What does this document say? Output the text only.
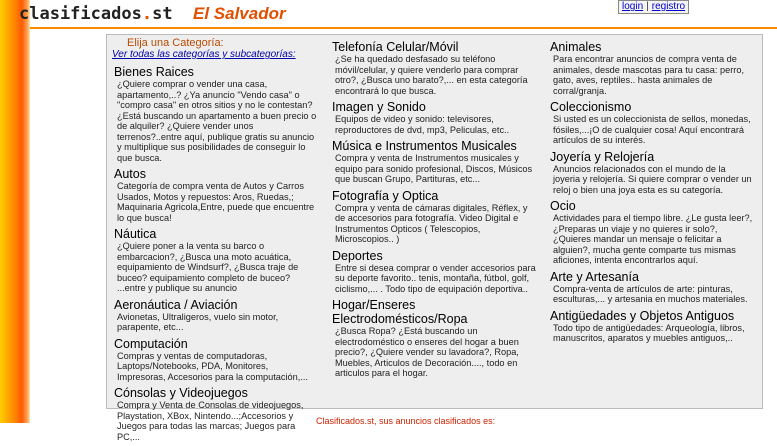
clasificados.st El Salvador	login | registro
Elija una Categoría:
Ver todas las categorías y subcategorías:
Bienes Raices
¿Quiere comprar o vender una casa, apartamento,..? ¿Ya anuncio "Vendo casa" o "compro casa" en otros sitios y no le contestan? ¿Está buscando un apartamento a buen precio o de alquiler? ¿Quiere vender unos terrenos?..entre aquí, publique gratis su anuncio y multiplique sus posibilidades de conseguir lo que busca.
Autos
Categoría de compra venta de Autos y Carros Usados, Motos y repuestos: Aros, Ruedas,; Maquinaria Agricola,Entre, puede que encuentre lo que busca!
Náutica
¿Quiere poner a la venta su barco o embarcacion?, ¿Busca una moto acuática, equipamiento de Windsurf?, ¿Busca traje de buceo? equipamiento completo de buceo? ...entre y publique su anuncio
Aeronáutica / Aviación
Avionetas, Ultraligeros, vuelo sin motor, parapente, etc...
Computación
Compras y ventas de computadoras, Laptops/Notebooks, PDA, Monitores, Impresoras, Accesorios para la computación,...
Cónsolas y Videojuegos
Compra y Venta de Consolas de videojuegos, Playstation, XBox, Nintendo...;Accesorios y Juegos para todas las marcas; Juegos para PC,...
Telefonía Celular/Móvil
¿Se ha quedado desfasado su teléfono móvil/celular, y quiere venderlo para comprar otro?, ¿Busca uno barato?,... en esta categoría encontrará lo que busca.
Imagen y Sonido
Equipos de video y sonido: televisores, reproductores de dvd, mp3, Peliculas, etc..
Música e Instrumentos Musicales
Compra y venta de Instrumentos musicales y equipo para sonido profesional, Discos, Músicos que buscan Grupo, Partituras, etc...
Fotografía y Optica
Compra y venta de cámaras digitales, Réflex, y de accesorios para fotografía. Video Digital e Instrumentos Opticos ( Telescopios, Microscopios.. )
Deportes
Entre si desea comprar o vender accesorios para su deporte favorito.. tenis, montaña, fútbol, golf, ciclismo,... . Todo tipo de equipación deportiva..
Hogar/Enseres Electrodomésticos/Ropa
¿Busca Ropa? ¿Está buscando un electrodoméstico o enseres del hogar a buen precio?, ¿Quiere vender su lavadora?, Ropa, Muebles, Articulos de Decoración...., todo en articulos para el hogar.
Animales
Para encontrar anuncios de compra venta de animales, desde mascotas para tu casa: perro, gato, aves, reptiles.. hasta animales de corral/granja.
Coleccionismo
Si usted es un coleccionista de sellos, monedas, fósiles,...¡O de cualquier cosa! Aquí encontrará artículos de su interés.
Joyería y Relojería
Anuncios relacionados con el mundo de la joyeria y relojería. Si quiere comprar o vender un reloj o bien una joya esta es su categoría.
Ocio
Actividades para el tiempo libre. ¿Le gusta leer?, ¿Preparas un viaje y no quieres ir solo?, ¿Quieres mandar un mensaje o felicitar a alguien?, mucha gente comparte tus mismas aficiones, intenta encontrarlos aquí.
Arte y Artesanía
Compra-venta de artículos de arte: pinturas, esculturas,... y artesania en muchos materiales.
Antigüedades y Objetos Antiguos
Todo tipo de antigüedades: Arqueología, libros, manuscritos, aparatos y muebles antiguos,..
Clasificados.st, sus anuncios clasificados es:
